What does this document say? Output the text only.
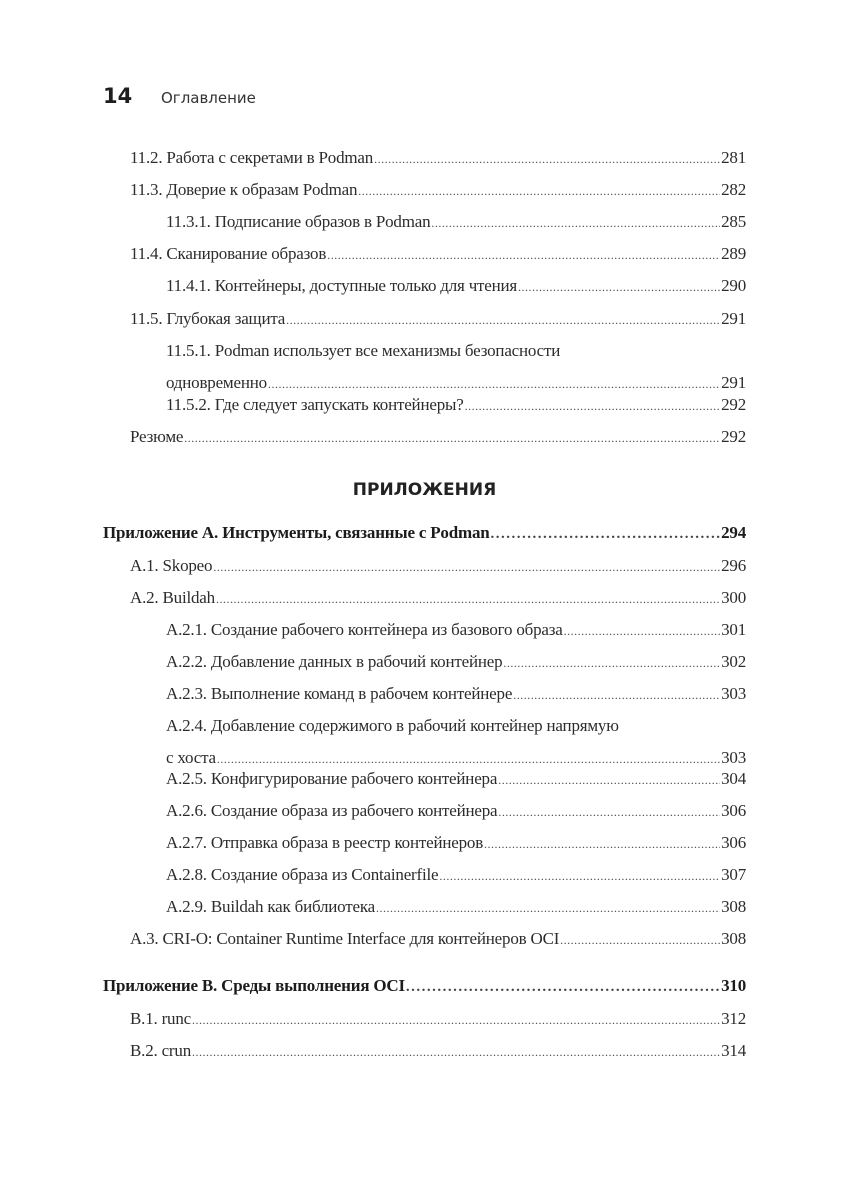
14	Оглавление
11.2. Работа с секретами в Podman .....	281
11.3. Доверие к образам Podman .....	282
11.3.1. Подписание образов в Podman .....	285
11.4. Сканирование образов .....	289
11.4.1. Контейнеры, доступные только для чтения .....	290
11.5. Глубокая защита .....	291
11.5.1. Podman использует все механизмы безопасности
одновременно .....	291
11.5.2. Где следует запускать контейнеры? .....	292
Резюме .....	292
ПРИЛОЖЕНИЯ
Приложение А. Инструменты, связанные с Podman .....	294
A.1. Skopeo .....	296
A.2. Buildah .....	300
A.2.1. Создание рабочего контейнера из базового образа .....	301
A.2.2. Добавление данных в рабочий контейнер .....	302
A.2.3. Выполнение команд в рабочем контейнере .....	303
A.2.4. Добавление содержимого в рабочий контейнер напрямую
с хоста .....	303
A.2.5. Конфигурирование рабочего контейнера .....	304
A.2.6. Создание образа из рабочего контейнера .....	306
A.2.7. Отправка образа в реестр контейнеров .....	306
A.2.8. Создание образа из Containerfile .....	307
A.2.9. Buildah как библиотека .....	308
A.3. CRI-O: Container Runtime Interface для контейнеров OCI .....	308
Приложение B. Среды выполнения OCI .....	310
B.1. runc .....	312
B.2. crun .....	314
